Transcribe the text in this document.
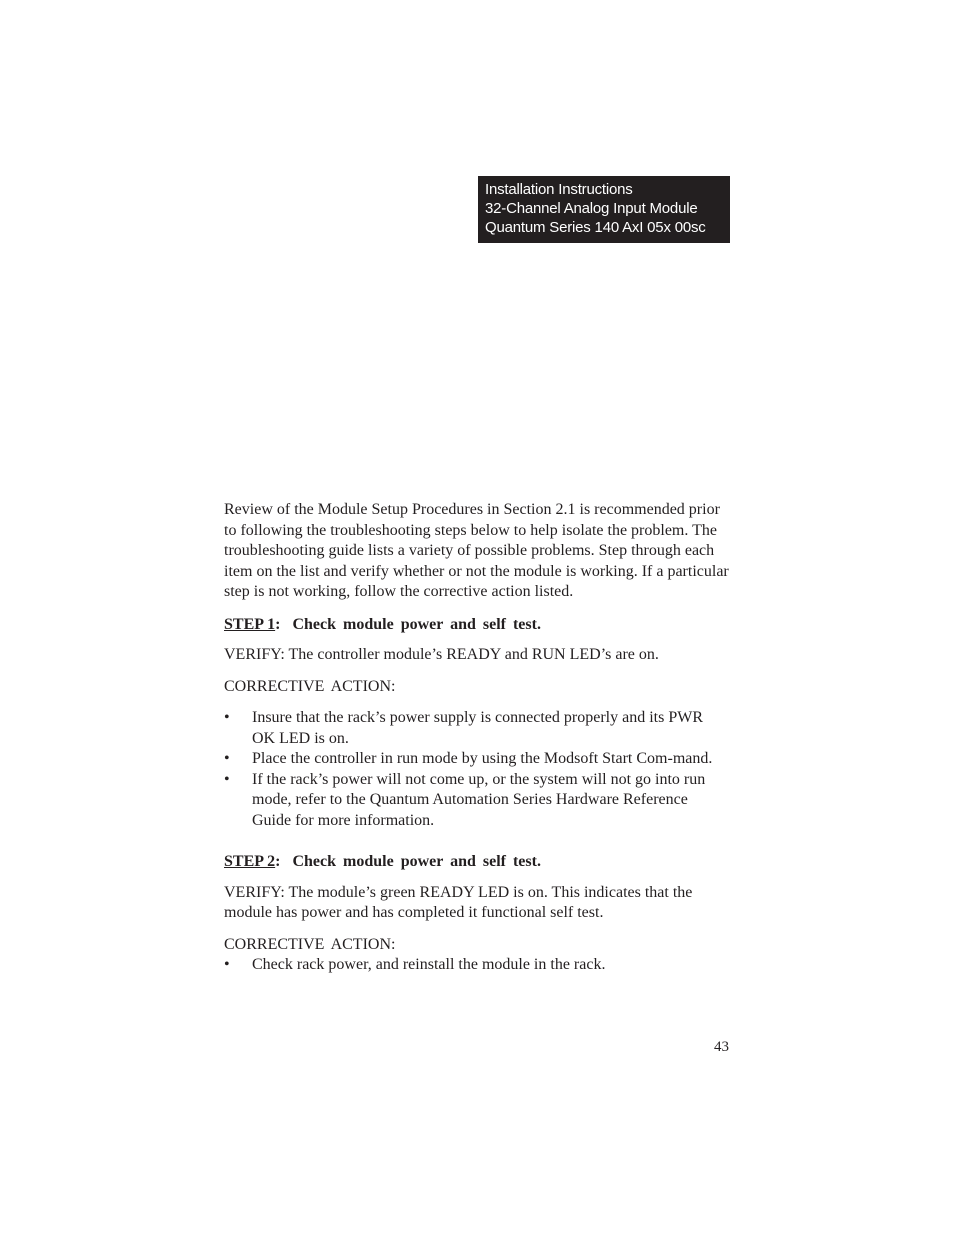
Installation Instructions
32-Channel Analog Input Module
Quantum Series 140 AxI 05x 00sc

Review of the Module Setup Procedures in Section 2.1 is recommended prior to following the troubleshooting steps below to help isolate the problem. The troubleshooting guide lists a variety of possible problems. Step through each item on the list and verify whether or not the module is working. If a particular step is not working, follow the corrective action listed.

STEP 1: Check module power and self test.

VERIFY: The controller module’s READY and RUN LED’s are on.

CORRECTIVE ACTION:

• Insure that the rack’s power supply is connected properly and its PWR OK LED is on.
• Place the controller in run mode by using the Modsoft Start Com-mand.
• If the rack’s power will not come up, or the system will not go into run mode, refer to the Quantum Automation Series Hardware Reference Guide for more information.

STEP 2: Check module power and self test.

VERIFY: The module’s green READY LED is on. This indicates that the module has power and has completed it functional self test.

CORRECTIVE ACTION:

• Check rack power, and reinstall the module in the rack.
43
